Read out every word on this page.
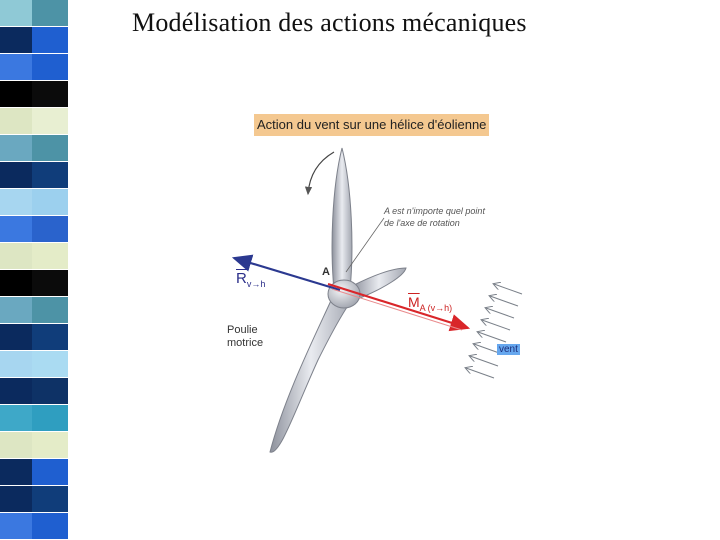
Modélisation des actions mécaniques
Action du vent sur une hélice d'éolienne
A est n'importe quel point de l'axe de rotation
A
Poulie motrice
$\overline{R}_{v\to h}$
$\overline{M}_{A (v\to h)}$
vent
